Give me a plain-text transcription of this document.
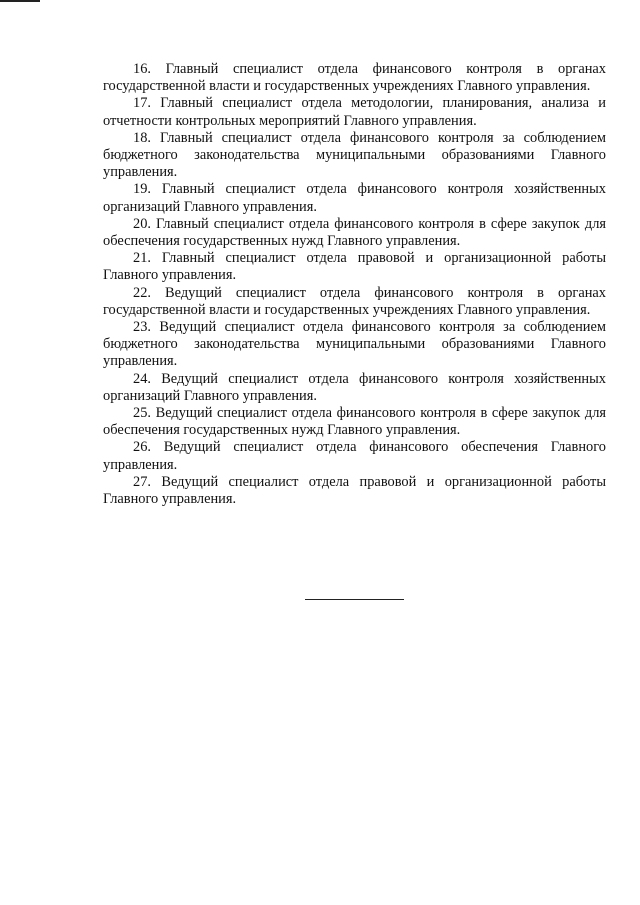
16. Главный специалист отдела финансового контроля в органах государственной власти и государственных учреждениях Главного управления.

17. Главный специалист отдела методологии, планирования, анализа и отчетности контрольных мероприятий Главного управления.

18. Главный специалист отдела финансового контроля за соблюдением бюджетного законодательства муниципальными образованиями Главного управления.

19. Главный специалист отдела финансового контроля хозяйственных организаций Главного управления.

20. Главный специалист отдела финансового контроля в сфере закупок для обеспечения государственных нужд Главного управления.

21. Главный специалист отдела правовой и организационной работы Главного управления.

22. Ведущий специалист отдела финансового контроля в органах государственной власти и государственных учреждениях Главного управления.

23. Ведущий специалист отдела финансового контроля за соблюдением бюджетного законодательства муниципальными образованиями Главного управления.

24. Ведущий специалист отдела финансового контроля хозяйственных организаций Главного управления.

25. Ведущий специалист отдела финансового контроля в сфере закупок для обеспечения государственных нужд Главного управления.

26. Ведущий специалист отдела финансового обеспечения Главного управления.

27. Ведущий специалист отдела правовой и организационной работы Главного управления.
